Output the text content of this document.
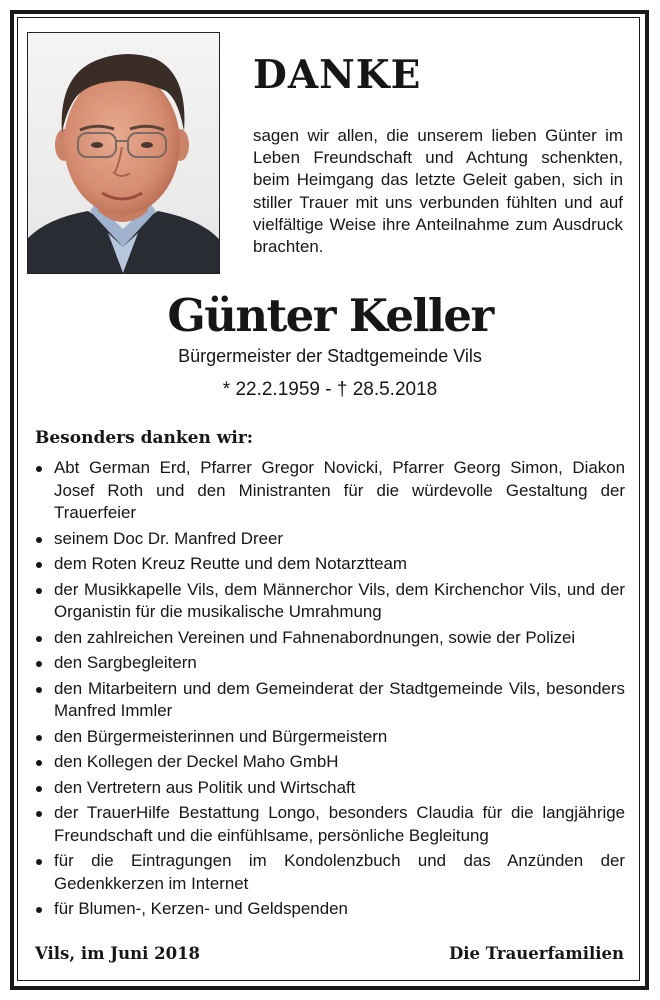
DANKE

sagen wir allen, die unserem lieben Günter im Leben Freundschaft und Achtung schenkten, beim Heimgang das letzte Geleit gaben, sich in stiller Trauer mit uns verbunden fühlten und auf vielfältige Weise ihre Anteilnahme zum Ausdruck brachten.

Günter Keller
Bürgermeister der Stadtgemeinde Vils
* 22.2.1959 - † 28.5.2018
Besonders danken wir:
Abt German Erd, Pfarrer Gregor Novicki, Pfarrer Georg Simon, Diakon Josef Roth und den Ministranten für die würdevolle Gestaltung der Trauerfeier
seinem Doc Dr. Manfred Dreer
dem Roten Kreuz Reutte und dem Notarztteam
der Musikkapelle Vils, dem Männerchor Vils, dem Kirchenchor Vils, und der Organistin für die musikalische Umrahmung
den zahlreichen Vereinen und Fahnenabordnungen, sowie der Polizei
den Sargbegleitern
den Mitarbeitern und dem Gemeinderat der Stadtgemeinde Vils, besonders Manfred Immler
den Bürgermeisterinnen und Bürgermeistern
den Kollegen der Deckel Maho GmbH
den Vertretern aus Politik und Wirtschaft
der TrauerHilfe Bestattung Longo, besonders Claudia für die langjährige Freundschaft und die einfühlsame, persönliche Begleitung
für die Eintragungen im Kondolenzbuch und das Anzünden der Gedenkkerzen im Internet
für Blumen-, Kerzen- und Geldspenden
Vils, im Juni 2018	Die Trauerfamilien
